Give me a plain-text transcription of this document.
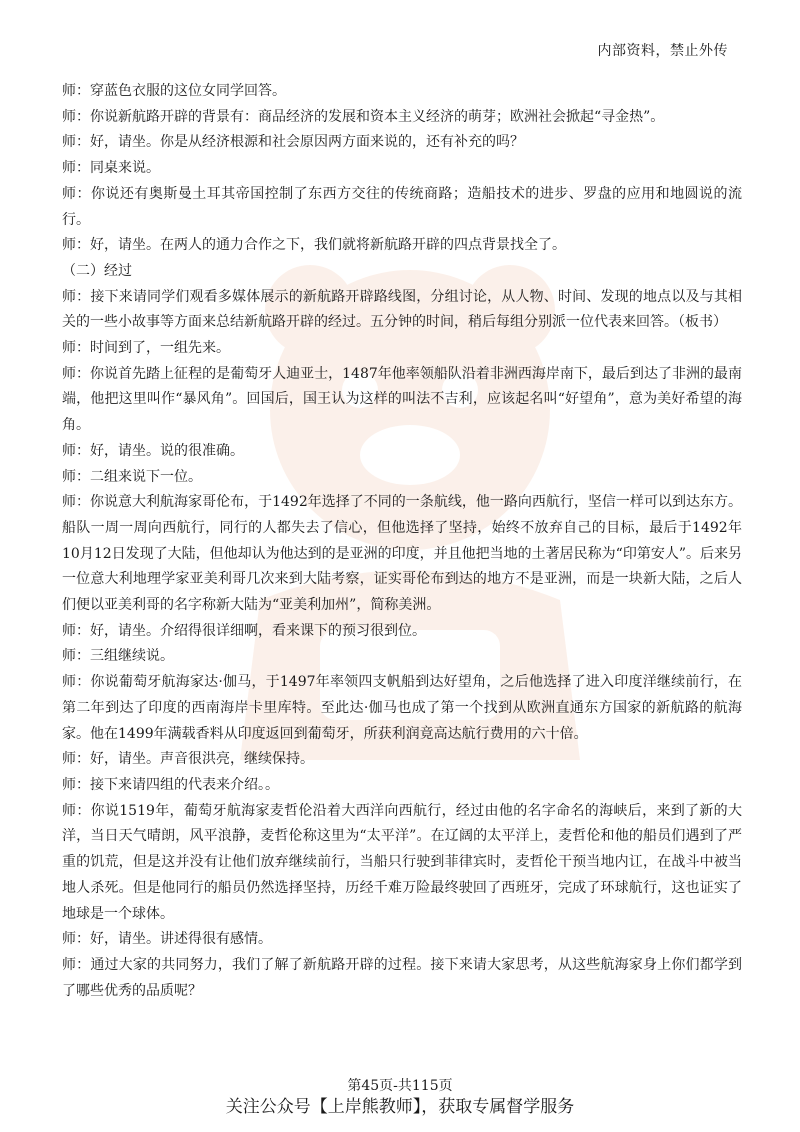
内部资料，禁止外传

师：穿蓝色衣服的这位女同学回答。

师：你说新航路开辟的背景有：商品经济的发展和资本主义经济的萌芽；欧洲社会掀起“寻金热”。

师：好，请坐。你是从经济根源和社会原因两方面来说的，还有补充的吗？

师：同桌来说。

师：你说还有奥斯曼土耳其帝国控制了东西方交往的传统商路；造船技术的进步、罗盘的应用和地圆说的流行。

师：好，请坐。在两人的通力合作之下，我们就将新航路开辟的四点背景找全了。

（二）经过

师：接下来请同学们观看多媒体展示的新航路开辟路线图，分组讨论，从人物、时间、发现的地点以及与其相关的一些小故事等方面来总结新航路开辟的经过。五分钟的时间，稍后每组分别派一位代表来回答。（板书）

师：时间到了，一组先来。

师：你说首先踏上征程的是葡萄牙人迪亚士，1487年他率领船队沿着非洲西海岸南下，最后到达了非洲的最南端，他把这里叫作“暴风角”。回国后，国王认为这样的叫法不吉利，应该起名叫“好望角”，意为美好希望的海角。

师：好，请坐。说的很准确。

师：二组来说下一位。

师：你说意大利航海家哥伦布，于1492年选择了不同的一条航线，他一路向西航行，坚信一样可以到达东方。船队一周一周向西航行，同行的人都失去了信心，但他选择了坚持，始终不放弃自己的目标，最后于1492年10月12日发现了大陆，但他却认为他达到的是亚洲的印度，并且他把当地的土著居民称为“印第安人”。后来另一位意大利地理学家亚美利哥几次来到大陆考察，证实哥伦布到达的地方不是亚洲，而是一块新大陆，之后人们便以亚美利哥的名字称新大陆为“亚美利加州”，简称美洲。

师：好，请坐。介绍得很详细啊，看来课下的预习很到位。

师：三组继续说。

师：你说葡萄牙航海家达·伽马，于1497年率领四支帆船到达好望角，之后他选择了进入印度洋继续前行，在第二年到达了印度的西南海岸卡里库特。至此达·伽马也成了第一个找到从欧洲直通东方国家的新航路的航海家。他在1499年满载香料从印度返回到葡萄牙，所获利润竟高达航行费用的六十倍。

师：好，请坐。声音很洪亮，继续保持。

师：接下来请四组的代表来介绍。。

师：你说1519年，葡萄牙航海家麦哲伦沿着大西洋向西航行，经过由他的名字命名的海峡后，来到了新的大洋，当日天气晴朗，风平浪静，麦哲伦称这里为“太平洋”。在辽阔的太平洋上，麦哲伦和他的船员们遇到了严重的饥荒，但是这并没有让他们放弃继续前行，当船只行驶到菲律宾时，麦哲伦干预当地内讧，在战斗中被当地人杀死。但是他同行的船员仍然选择坚持，历经千难万险最终驶回了西班牙，完成了环球航行，这也证实了地球是一个球体。

师：好，请坐。讲述得很有感情。

师：通过大家的共同努力，我们了解了新航路开辟的过程。接下来请大家思考，从这些航海家身上你们都学到了哪些优秀的品质呢？

第45页-共115页
关注公众号【上岸熊教师】，获取专属督学服务
